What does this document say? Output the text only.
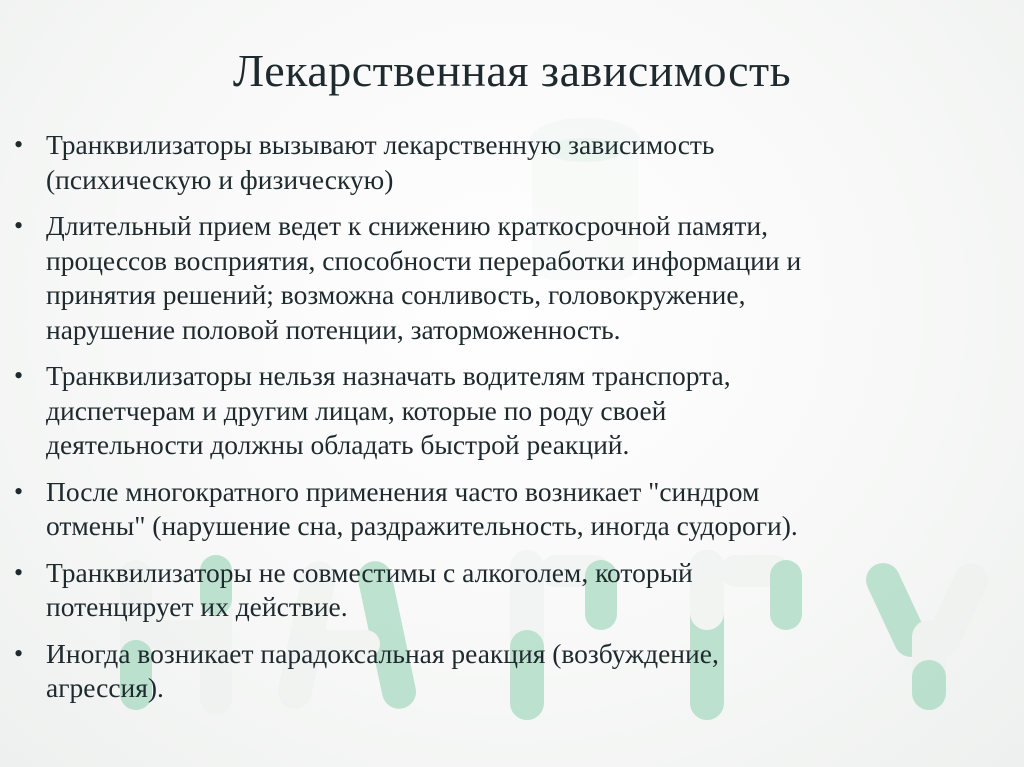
Лекарственная зависимость
• Транквилизаторы вызывают лекарственную зависимость
(психическую и физическую)
• Длительный прием ведет к снижению краткосрочной памяти,
процессов восприятия, способности переработки информации и
принятия решений; возможна сонливость, головокружение,
нарушение половой потенции, заторможенность.
• Транквилизаторы нельзя назначать водителям транспорта,
диспетчерам и другим лицам, которые по роду своей
деятельности должны обладать быстрой реакций.
• После многократного применения часто возникает "синдром
отмены" (нарушение сна, раздражительность, иногда судороги).
• Транквилизаторы не совместимы с алкоголем, который
потенцирует их действие.
• Иногда возникает парадоксальная реакция (возбуждение,
агрессия).
